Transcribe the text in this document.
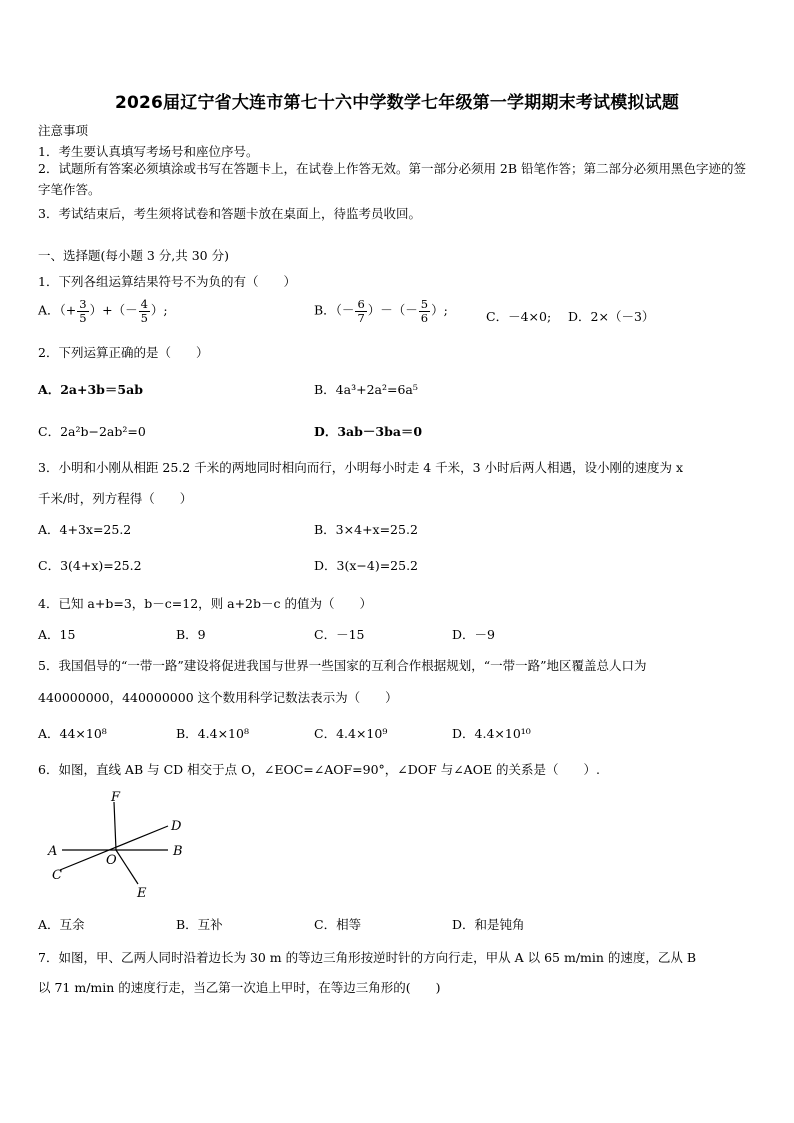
2026届辽宁省大连市第七十六中学数学七年级第一学期期末考试模拟试题
注意事项
1．考生要认真填写考场号和座位序号。
2．试题所有答案必须填涂或书写在答题卡上，在试卷上作答无效。第一部分必须用 2B 铅笔作答；第二部分必须用黑色字迹的签字笔作答。
3．考试结束后，考生须将试卷和答题卡放在桌面上，待监考员收回。
一、选择题(每小题 3 分,共 30 分)
1．下列各组运算结果符号不为负的有（　　）
A．（+ $\frac{3}{5}$ ）+（－ $\frac{4}{5}$ ）;	B．（－ $\frac{6}{7}$ ）－（－ $\frac{5}{6}$ ）;	C．－4×0; D．2×（－3）
2．下列运算正确的是（　　）
A．2a+3b＝5ab	B．4a³+2a²=6a⁵
C．2a²b−2ab²=0	D．3ab－3ba＝0
3．小明和小刚从相距 25.2 千米的两地同时相向而行，小明每小时走 4 千米，3 小时后两人相遇，设小刚的速度为 x
千米/时，列方程得（　　）
A．4+3x=25.2	B．3×4+x=25.2
C．3(4+x)=25.2	D．3(x−4)=25.2
4．已知 a+b=3，b－c=12，则 a+2b－c 的值为（　　）
A．15	B．9	C．－15	D．－9
5．我国倡导的“一带一路”建设将促进我国与世界一些国家的互利合作根据规划，“一带一路”地区覆盖总人口为
440000000，440000000 这个数用科学记数法表示为（　　）
A．44×10⁸	B．4.4×10⁸	C．4.4×10⁹	D．4.4×10¹⁰
6．如图，直线 AB 与 CD 相交于点 O，∠EOC=∠AOF=90°，∠DOF 与∠AOE 的关系是（　　）.
F
A	B
D
C
O
E
A．互余	B．互补	C．相等	D．和是钝角
7．如图，甲、乙两人同时沿着边长为 30 m 的等边三角形按逆时针的方向行走，甲从 A 以 65 m/min 的速度，乙从 B
以 71 m/min 的速度行走，当乙第一次追上甲时，在等边三角形的(　　)
